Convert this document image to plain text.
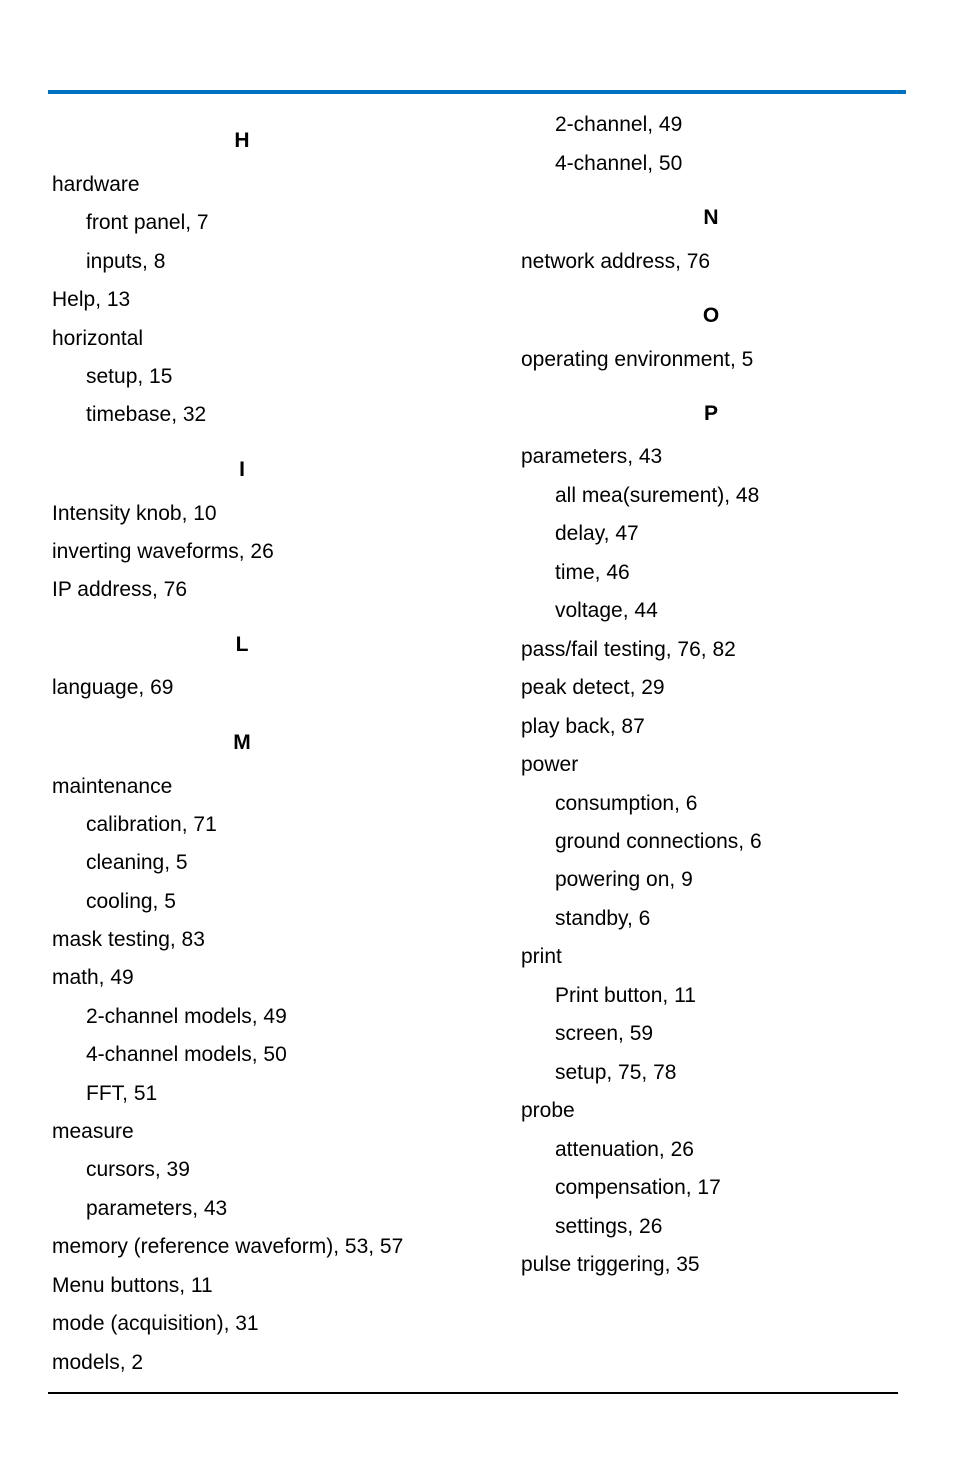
H
hardware
front panel, 7
inputs, 8
Help, 13
horizontal
setup, 15
timebase, 32
I
Intensity knob, 10
inverting waveforms, 26
IP address, 76
L
language, 69
M
maintenance
calibration, 71
cleaning, 5
cooling, 5
mask testing, 83
math, 49
2-channel models, 49
4-channel models, 50
FFT, 51
measure
cursors, 39
parameters, 43
memory (reference waveform), 53, 57
Menu buttons, 11
mode (acquisition), 31
models, 2
2-channel, 49
4-channel, 50
N
network address, 76
O
operating environment, 5
P
parameters, 43
all mea(surement), 48
delay, 47
time, 46
voltage, 44
pass/fail testing, 76, 82
peak detect, 29
play back, 87
power
consumption, 6
ground connections, 6
powering on, 9
standby, 6
print
Print button, 11
screen, 59
setup, 75, 78
probe
attenuation, 26
compensation, 17
settings, 26
pulse triggering, 35
